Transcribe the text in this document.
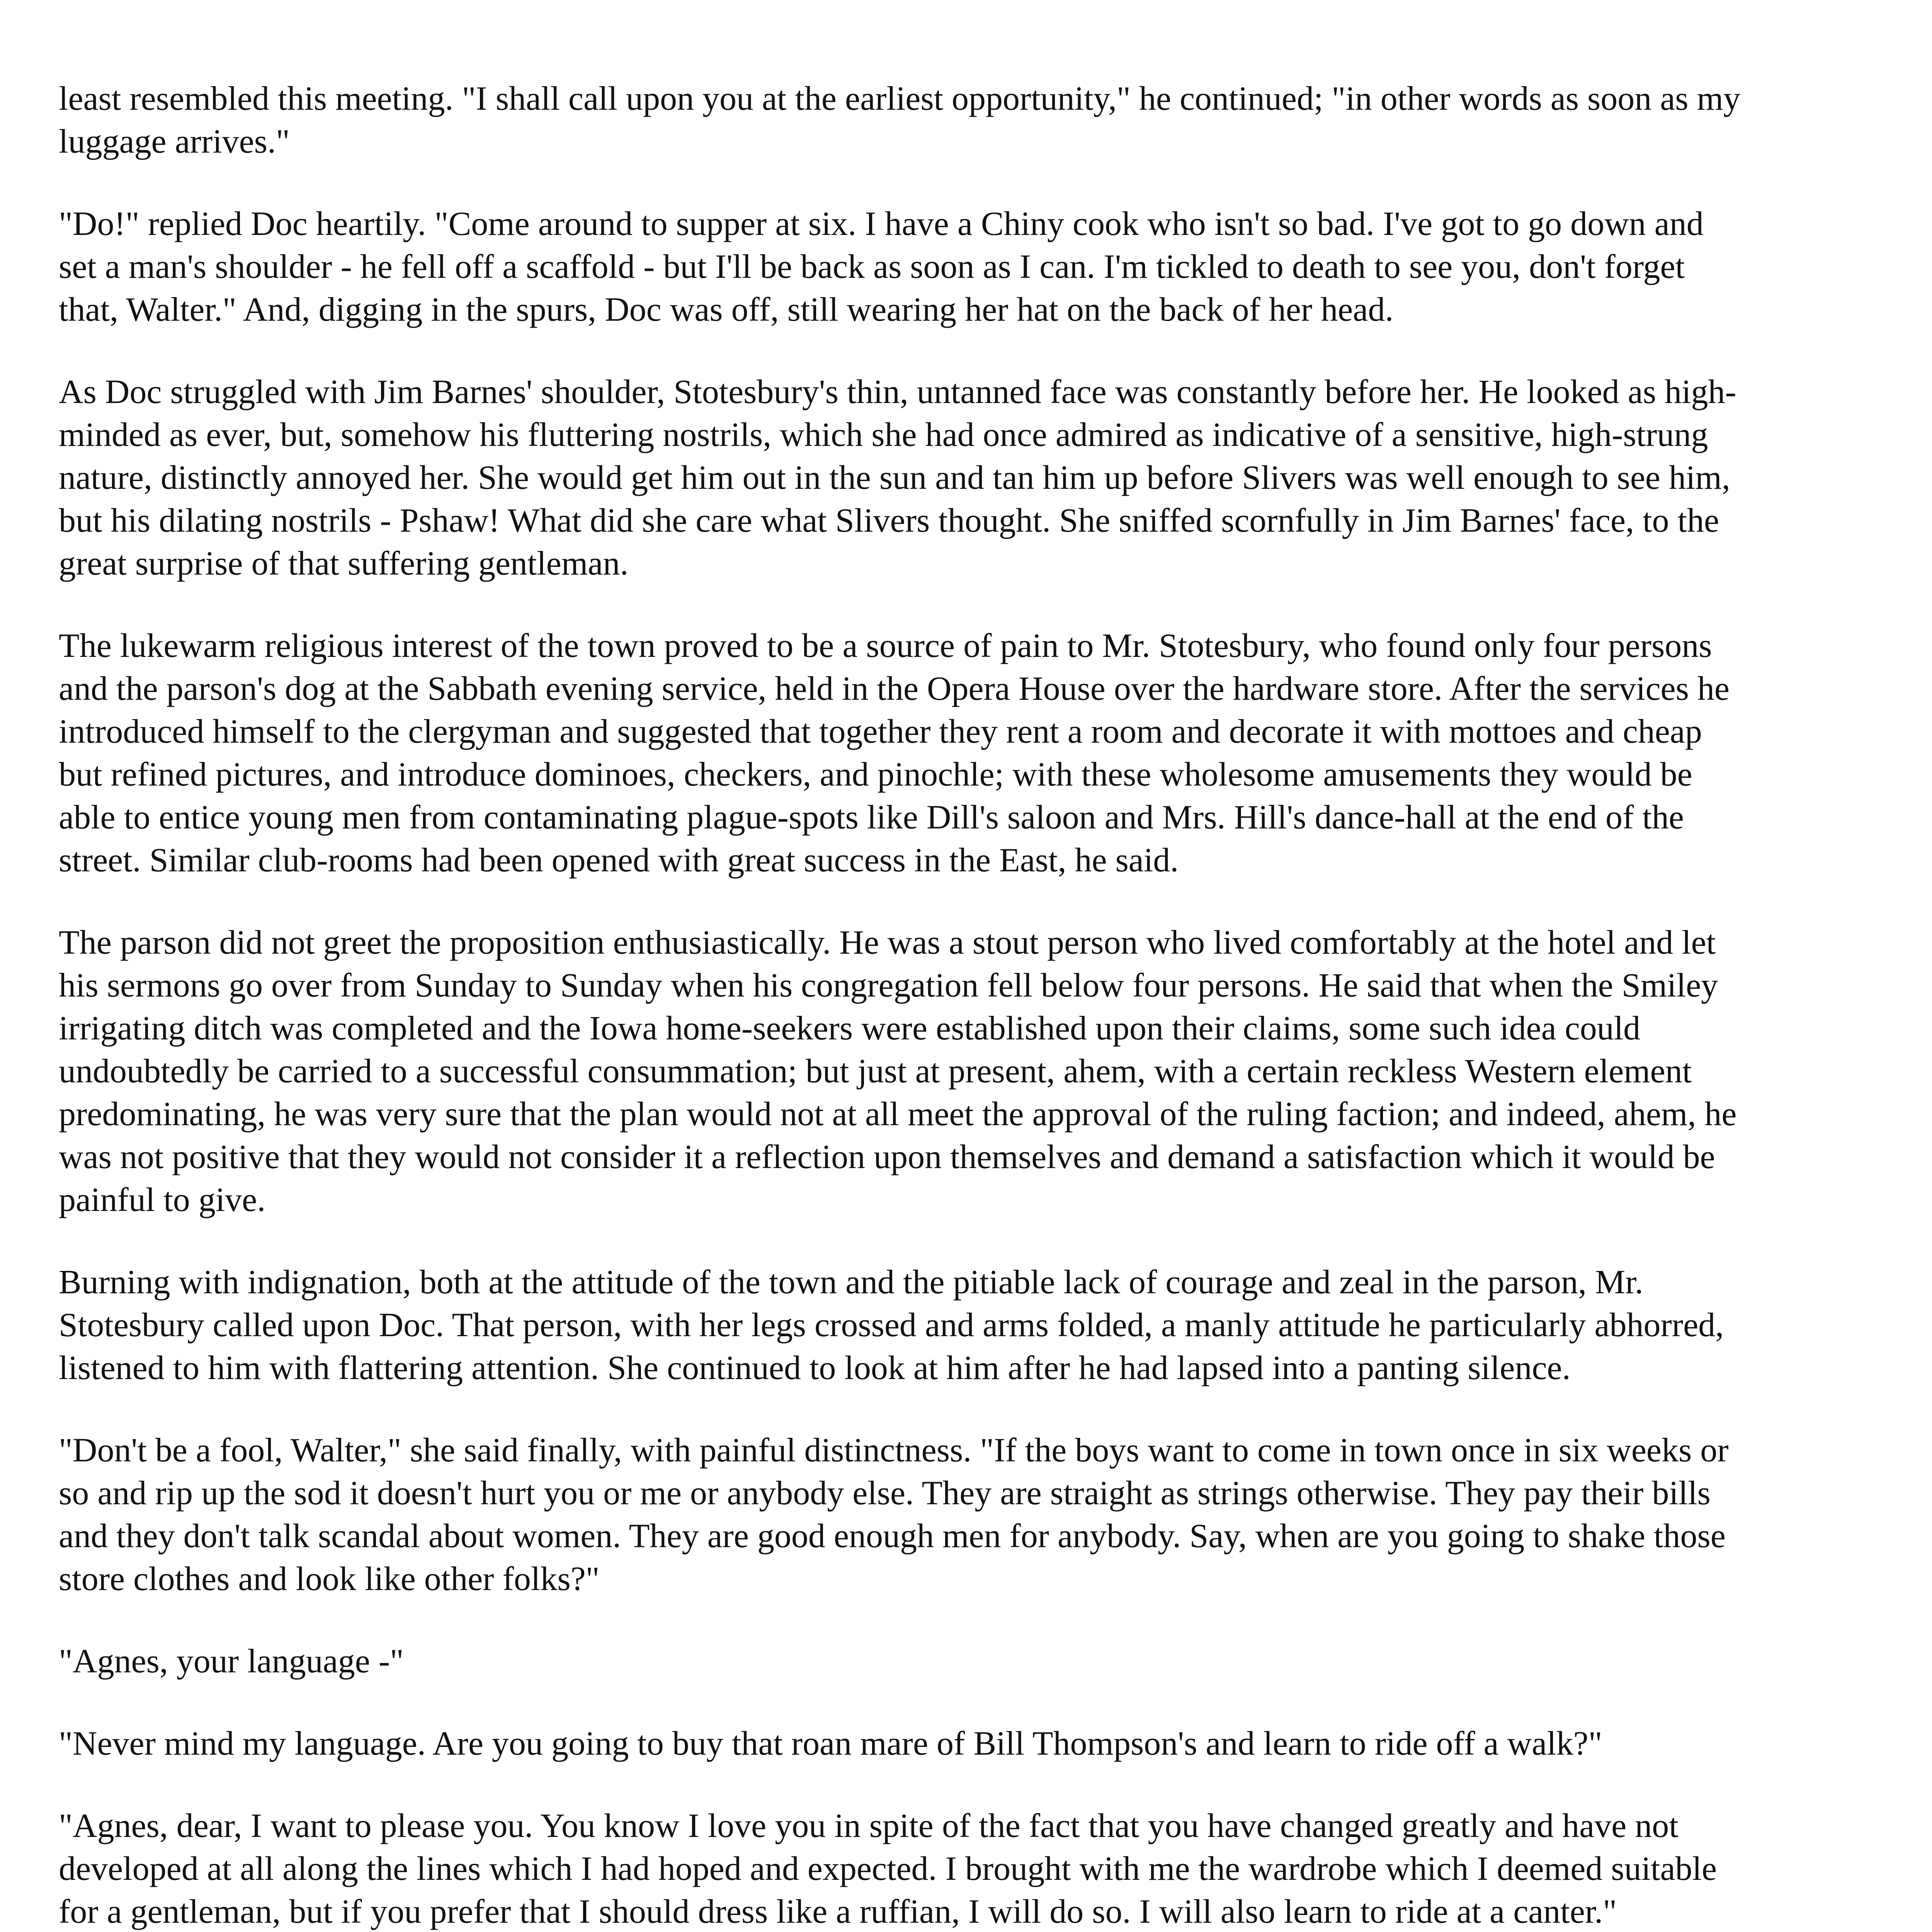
least resembled this meeting. "I shall call upon you at the earliest opportunity," he continued; "in other words as soon as my luggage arrives."

"Do!" replied Doc heartily. "Come around to supper at six. I have a Chiny cook who isn't so bad. I've got to go down and set a man's shoulder - he fell off a scaffold - but I'll be back as soon as I can. I'm tickled to death to see you, don't forget that, Walter." And, digging in the spurs, Doc was off, still wearing her hat on the back of her head.

As Doc struggled with Jim Barnes' shoulder, Stotesbury's thin, untanned face was constantly before her. He looked as high-minded as ever, but, somehow his fluttering nostrils, which she had once admired as indicative of a sensitive, high-strung nature, distinctly annoyed her. She would get him out in the sun and tan him up before Slivers was well enough to see him, but his dilating nostrils - Pshaw! What did she care what Slivers thought. She sniffed scornfully in Jim Barnes' face, to the great surprise of that suffering gentleman.

The lukewarm religious interest of the town proved to be a source of pain to Mr. Stotesbury, who found only four persons and the parson's dog at the Sabbath evening service, held in the Opera House over the hardware store. After the services he introduced himself to the clergyman and suggested that together they rent a room and decorate it with mottoes and cheap but refined pictures, and introduce dominoes, checkers, and pinochle; with these wholesome amusements they would be able to entice young men from contaminating plague-spots like Dill's saloon and Mrs. Hill's dance-hall at the end of the street. Similar club-rooms had been opened with great success in the East, he said.

The parson did not greet the proposition enthusiastically. He was a stout person who lived comfortably at the hotel and let his sermons go over from Sunday to Sunday when his congregation fell below four persons. He said that when the Smiley irrigating ditch was completed and the Iowa home-seekers were established upon their claims, some such idea could undoubtedly be carried to a successful consummation; but just at present, ahem, with a certain reckless Western element predominating, he was very sure that the plan would not at all meet the approval of the ruling faction; and indeed, ahem, he was not positive that they would not consider it a reflection upon themselves and demand a satisfaction which it would be painful to give.

Burning with indignation, both at the attitude of the town and the pitiable lack of courage and zeal in the parson, Mr. Stotesbury called upon Doc. That person, with her legs crossed and arms folded, a manly attitude he particularly abhorred, listened to him with flattering attention. She continued to look at him after he had lapsed into a panting silence.

"Don't be a fool, Walter," she said finally, with painful distinctness. "If the boys want to come in town once in six weeks or so and rip up the sod it doesn't hurt you or me or anybody else. They are straight as strings otherwise. They pay their bills and they don't talk scandal about women. They are good enough men for anybody. Say, when are you going to shake those store clothes and look like other folks?"

"Agnes, your language -"

"Never mind my language. Are you going to buy that roan mare of Bill Thompson's and learn to ride off a walk?"

"Agnes, dear, I want to please you. You know I love you in spite of the fact that you have changed greatly and have not developed at all along the lines which I had hoped and expected. I brought with me the wardrobe which I deemed suitable for a gentleman, but if you prefer that I should dress like a ruffian, I will do so. I will also learn to ride at a canter."
